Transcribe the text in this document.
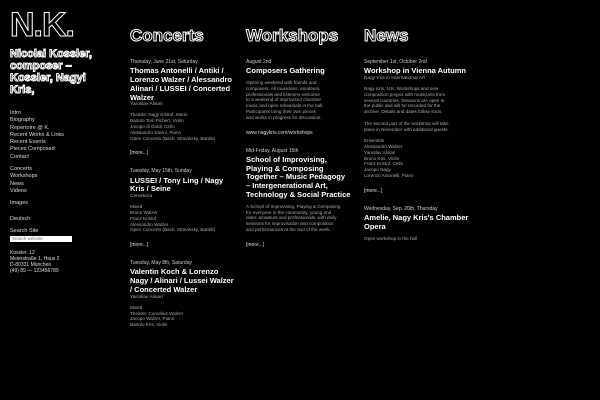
N.K.
Nicolai Kossler, composer – Kossler, Nagyi Kris,
Intro
Biography
Repertoire @ K.
Recent Works & Links
Recent Events
Pieces Composed
Contact
Concerts
Workshops
News
Videos
Images
Deutsch
Search Site
Search website
Kossler, 12
Meierstraße 1, Haus 2
D-80331 München
(49) 89 — 123456789
Concerts
Thursday, June 21st, Saturday
Thomas Antonelli / Antiki / Lorenzo Walzer / Alessandro Alinari / LUSSEI / Concerted Walzer
Yaroslav Alinari
Theatre: Nagy Kristof, Mario
Bartolo Tom Pichert, Violin
Jacopo di Guidi, Cello
Alessandro Savini, Piano
Open Concerto (Bach, Stravinsky, Bartók)
[more...]
Tuesday, May 15th, Sunday
LUSSEI / Tony Ling / Nagy Kris / Seine
Cerveteria
Mixed
Bruno Walzer
Franz Kristof
Alessandro Walzer
Open Concerto (Bach, Stravinsky, Bartók)
[more...]
Tuesday, May 8th, Saturday
Valentin Koch & Lorenzo Nagy / Alinari / Lussei Walzer / Concerted Walzer
Yaroslav Alinari
Mixed
Theatre: Cornelius Walzer
Jacopo Walzer, Piano
Bartolo Kris, Violin
Workshops
August 2nd
Composers Gathering
Opening weekend with friends and
composers. All musicians, amateurs,
professionals and listeners welcome
to a weekend of improvised chamber
music and open rehearsals in the hall.
Participants bring their own pieces
and works in progress for discussion.
www.nagykris.com/workshops
Mid-Friday, August 15th
School of Improvising, Playing & Composing Together – Music Pedagogy – Intergenerational Art, Technology & Social Practice
A School of Improvising, Playing & Composing
for everyone in the community, young and
older, amateurs and professionals, with daily
sessions for improvisation and composition
and performances at the end of the week.
[more...]
News
September 1st, October 2nd
Workshop in Vienna Autumn
Nagy Kris in International Art
Nagy Kris, N.K. Workshops and new
composition project with musicians from
several countries. Sessions are open to
the public and will be recorded for the
archive. Details and dates follow soon.

The second part of the workshop will take
place in November with additional guests.

Ensemble
Alessandro Walzer
Yaroslav Alinari
Bruno Kris, Violin
Franz Kristof, Cello
Jacopo Nagy
Lorenzo Antonelli, Piano
[more...]
Wednesday, Sep. 20th, Thursday
Amelie, Nagy Kris's Chamber Opera
Open workshop in the hall
